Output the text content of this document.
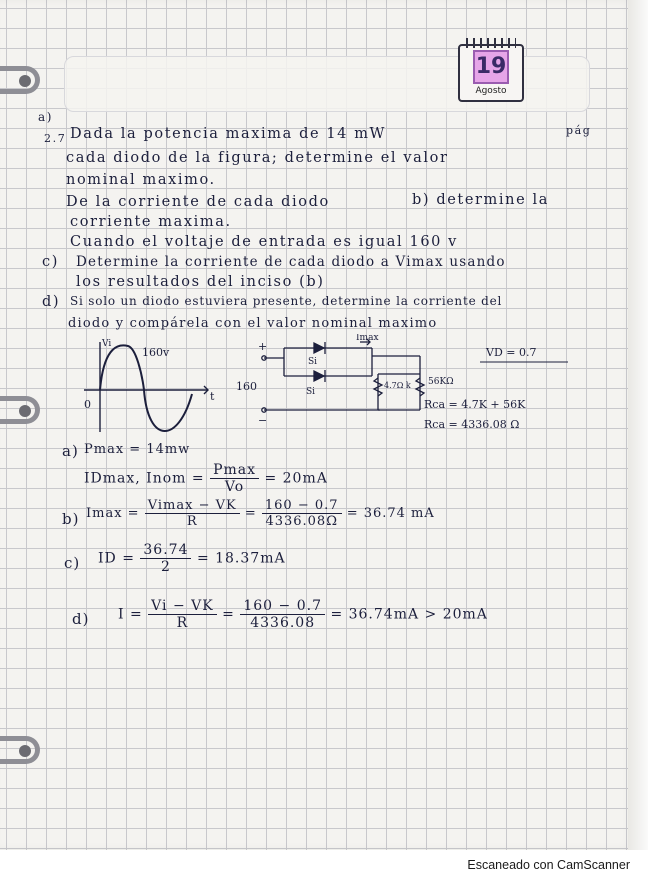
19
Agosto
a)
2.7 Dada la potencia maxima de 14 mW	pág
cada diodo de la figura; determine el valor
nominal maximo.
De la corriente de cada diodo	b) determine la
corriente maxima.
Cuando el voltaje de entrada es igual 160 v
c) Determine la corriente de cada diodo a Vimax usando
los resultados del inciso (b)
d) Si solo un diodo estuviera presente, determine la corriente del
diodo y compárela con el valor nominal maximo
160v
Vi
t
0
+
−
160
Si
Si
Imax
4.7Ω k 56KΩ
VD = 0.7
Rca = 4.7K + 56K
Rca = 4336.08 Ω
a) Pmax = 14mw
IDmax, Inom = $\frac{Pmax}{Vo} = 20mA$
b) $Imax = \frac{Vimax - VK}{R} = \frac{160 - 0.7}{4336.08\Omega} = 36.74$ mA
c) ID = $\frac{36.74}{2} = 18.37mA$
d) $I = \frac{Vi - VK}{R} = \frac{160 - 0.7}{4336.08} = 36.74mA > 20mA$
Escaneado con CamScanner
